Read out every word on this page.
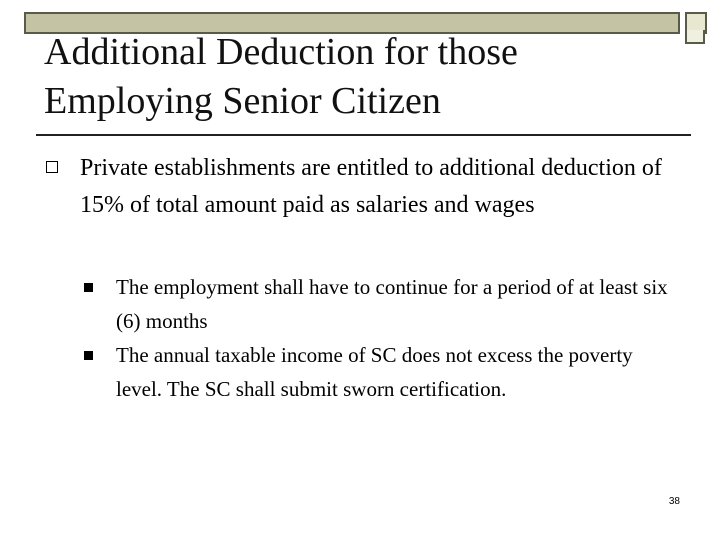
Additional Deduction for those
Employing Senior Citizen
Private establishments are entitled to additional deduction of 15% of total amount paid as salaries and wages
The employment shall have to continue for a period of at least six (6) months
The annual taxable income of SC does not excess the poverty level. The SC shall submit sworn certification.
38
